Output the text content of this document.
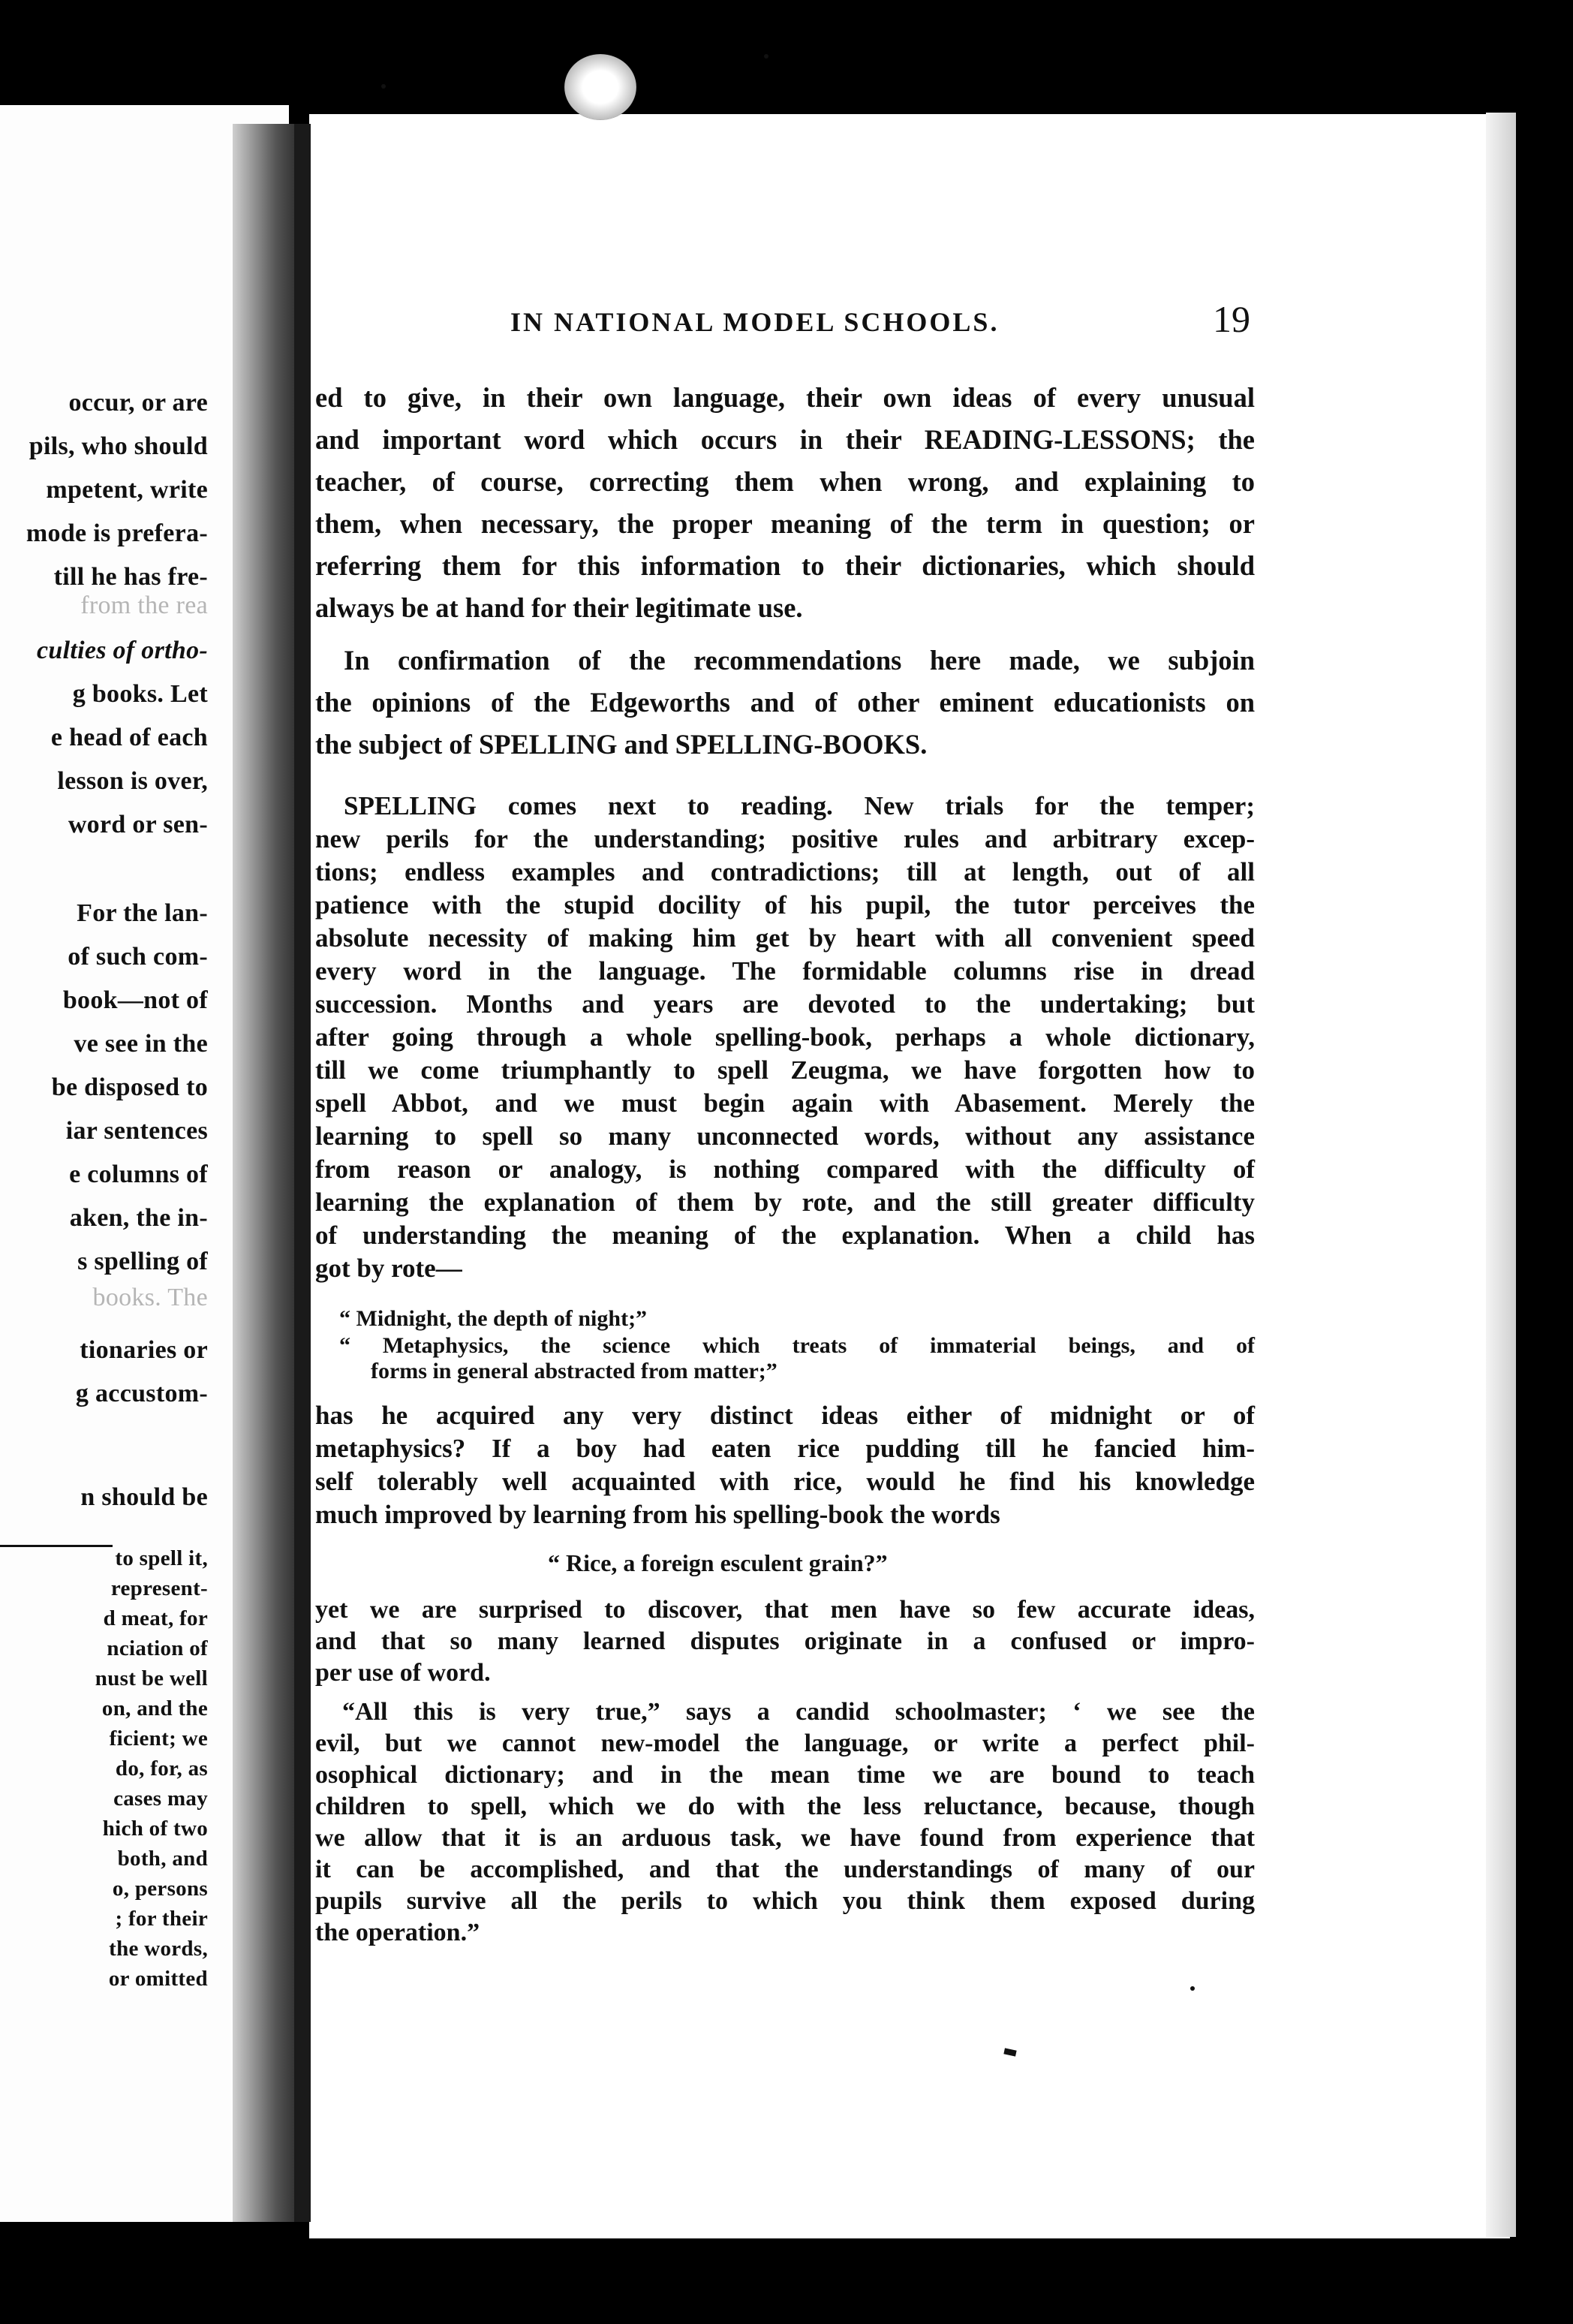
occur, or are
pils, who should
mpetent, write
mode is prefera-
till he has fre-
from the rea
culties of ortho-
g books. Let
e head of each
lesson is over,
word or sen-
For the lan-
of such com-
book—not of
ve see in the
be disposed to
iar sentences
e columns of
aken, the in-
s spelling of
books. The
tionaries or
g accustom-
n should be
to spell it,
represent-
d meat, for
nciation of
nust be well
on, and the
ficient; we
do, for, as
cases may
hich of two
both, and
o, persons
; for their
the words,
or omitted
IN NATIONAL MODEL SCHOOLS.	19
ed to give, in their own language, their own ideas of every unusual
and important word which occurs in their READING-LESSONS; the
teacher, of course, correcting them when wrong, and explaining to
them, when necessary, the proper meaning of the term in question; or
referring them for this information to their dictionaries, which should
always be at hand for their legitimate use.
In confirmation of the recommendations here made, we subjoin
the opinions of the Edgeworths and of other eminent educationists on
the subject of SPELLING and SPELLING-BOOKS.
SPELLING comes next to reading. New trials for the temper;
new perils for the understanding; positive rules and arbitrary excep-
tions; endless examples and contradictions; till at length, out of all
patience with the stupid docility of his pupil, the tutor perceives the
absolute necessity of making him get by heart with all convenient speed
every word in the language. The formidable columns rise in dread
succession. Months and years are devoted to the undertaking; but
after going through a whole spelling-book, perhaps a whole dictionary,
till we come triumphantly to spell Zeugma, we have forgotten how to
spell Abbot, and we must begin again with Abasement. Merely the
learning to spell so many unconnected words, without any assistance
from reason or analogy, is nothing compared with the difficulty of
learning the explanation of them by rote, and the still greater difficulty
of understanding the meaning of the explanation. When a child has
got by rote—
“ Midnight, the depth of night;”
“ Metaphysics, the science which treats of immaterial beings, and of
forms in general abstracted from matter;”
has he acquired any very distinct ideas either of midnight or of
metaphysics? If a boy had eaten rice pudding till he fancied him-
self tolerably well acquainted with rice, would he find his knowledge
much improved by learning from his spelling-book the words
“ Rice, a foreign esculent grain?”
yet we are surprised to discover, that men have so few accurate ideas,
and that so many learned disputes originate in a confused or impro-
per use of word.
“All this is very true,” says a candid schoolmaster; ‘ we see the
evil, but we cannot new-model the language, or write a perfect phil-
osophical dictionary; and in the mean time we are bound to teach
children to spell, which we do with the less reluctance, because, though
we allow that it is an arduous task, we have found from experience that
it can be accomplished, and that the understandings of many of our
pupils survive all the perils to which you think them exposed during
the operation.”
